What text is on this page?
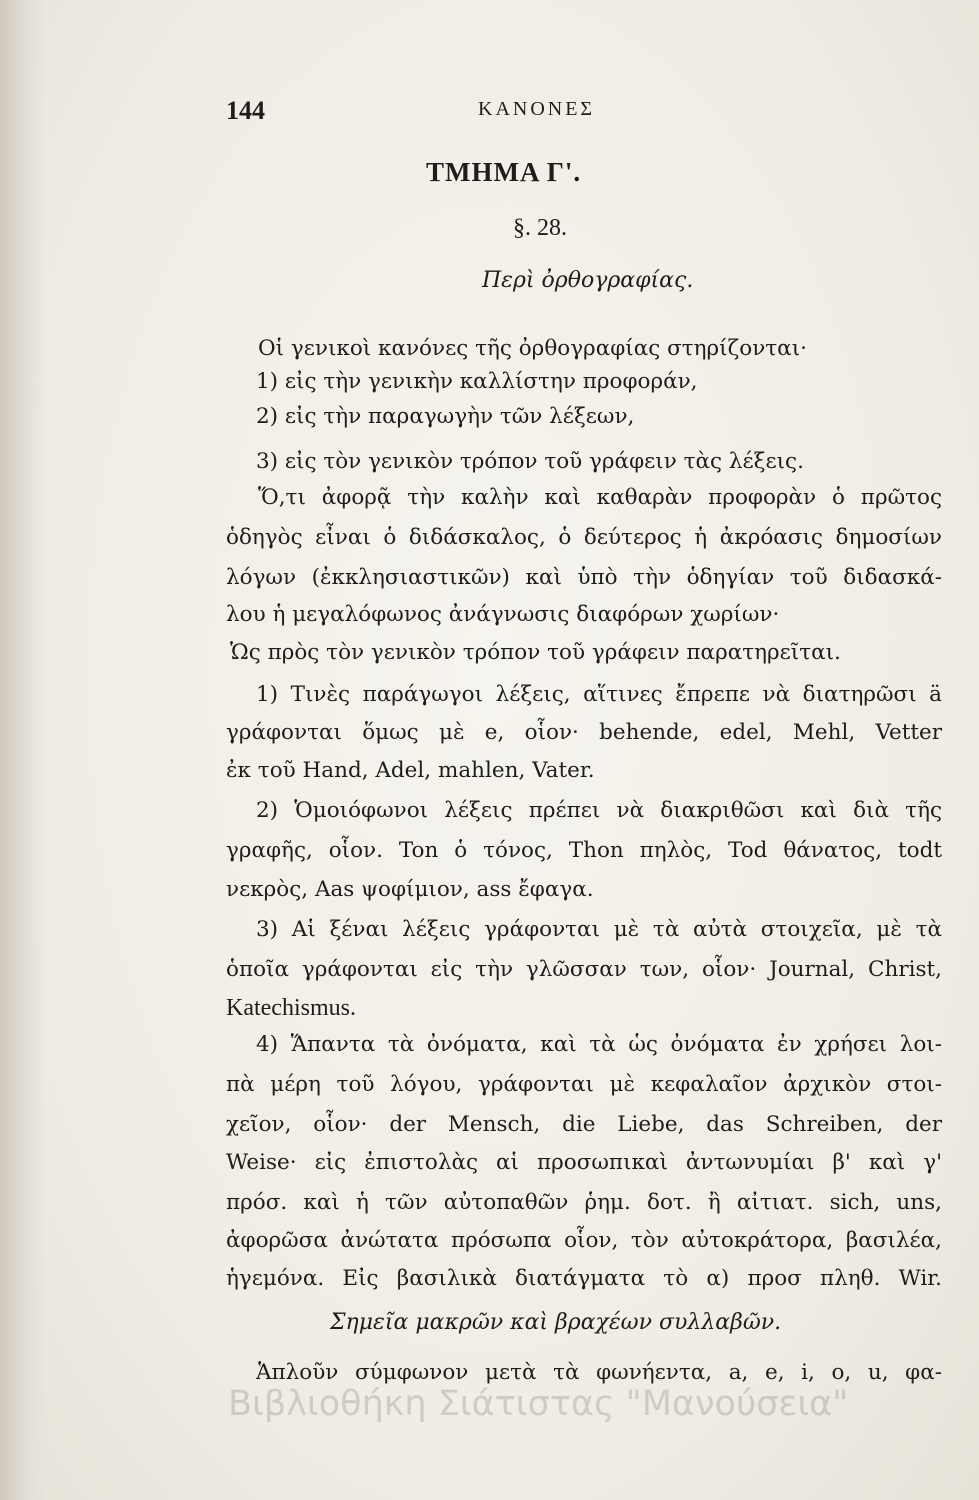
144	ΚΑΝΟΝΕΣ
ΤΜΗΜΑ Γ'.
§. 28.
Περὶ ὀρθογραφίας.
Οἱ γενικοὶ κανόνες τῆς ὀρθογραφίας στηρίζονται·
1) εἰς τὴν γενικὴν καλλίστην προφοράν,
2) εἰς τὴν παραγωγὴν τῶν λέξεων,
3) εἰς τὸν γενικὸν τρόπον τοῦ γράφειν τὰς λέξεις.
Ὅ,τι ἀφορᾷ τὴν καλὴν καὶ καθαρὰν προφορὰν ὁ πρῶτος
ὁδηγὸς εἶναι ὁ διδάσκαλος, ὁ δεύτερος ἡ ἀκρόασις δημοσίων
λόγων (ἐκκλησιαστικῶν) καὶ ὑπὸ τὴν ὁδηγίαν τοῦ διδασκά-
λου ἡ μεγαλόφωνος ἀνάγνωσις διαφόρων χωρίων·
Ὡς πρὸς τὸν γενικὸν τρόπον τοῦ γράφειν παρατηρεῖται.
1) Τινὲς παράγωγοι λέξεις, αἵτινες ἔπρεπε νὰ διατηρῶσι ä
γράφονται ὅμως μὲ e, οἷον· behende, edel, Mehl, Vetter
ἐκ τοῦ Hand, Adel, mahlen, Vater.
2) Ὁμοιόφωνοι λέξεις πρέπει νὰ διακριθῶσι καὶ διὰ τῆς
γραφῆς, οἷον. Ton ὁ τόνος, Thon πηλὸς, Tod θάνατος, todt
νεκρὸς, Aas ψοφίμιον, ass ἔφαγα.
3) Αἱ ξέναι λέξεις γράφονται μὲ τὰ αὐτὰ στοιχεῖα, μὲ τὰ
ὁποῖα γράφονται εἰς τὴν γλῶσσαν των, οἷον· Journal, Christ,
Katechismus.
4) Ἅπαντα τὰ ὀνόματα, καὶ τὰ ὡς ὀνόματα ἐν χρήσει λοι-
πὰ μέρη τοῦ λόγου, γράφονται μὲ κεφαλαῖον ἀρχικὸν στοι-
χεῖον, οἷον· der Mensch, die Liebe, das Schreiben, der
Weise· εἰς ἐπιστολὰς αἱ προσωπικαὶ ἀντωνυμίαι β' καὶ γ'
πρόσ. καὶ ἡ τῶν αὐτοπαθῶν ῥημ. δοτ. ἢ αἰτιατ. sich, uns,
ἀφορῶσα ἀνώτατα πρόσωπα οἷον, τὸν αὐτοκράτορα, βασιλέα,
ἡγεμόνα. Εἰς βασιλικὰ διατάγματα τὸ α) προσ πληθ. Wir.
Σημεῖα μακρῶν καὶ βραχέων συλλαβῶν.
Ἁπλοῦν σύμφωνον μετὰ τὰ φωνήεντα, a, e, i, o, u, φα-
Βιβλιοθήκη Σιάτιστας "Μανούσεια"
